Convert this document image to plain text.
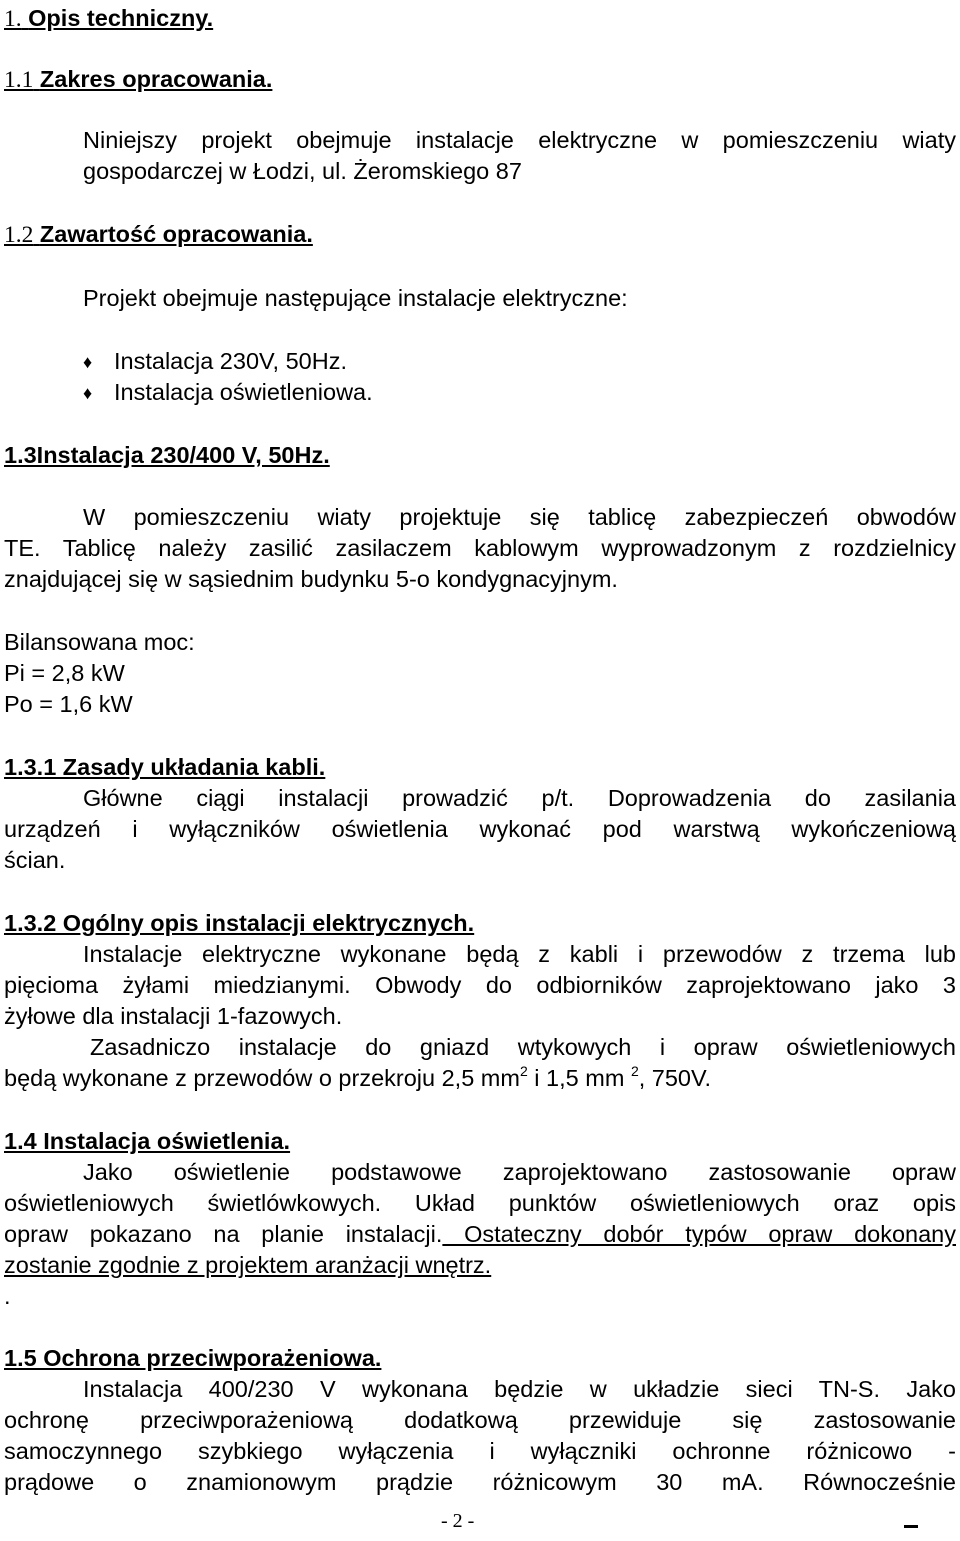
1. Opis techniczny.
1.1 Zakres opracowania.
Niniejszy projekt obejmuje instalacje elektryczne w pomieszczeniu wiaty
gospodarczej w Łodzi, ul. Żeromskiego 87
1.2 Zawartość opracowania.
Projekt obejmuje następujące instalacje elektryczne:
♦ Instalacja 230V, 50Hz.
♦ Instalacja oświetleniowa.
1.3Instalacja 230/400 V, 50Hz.
W pomieszczeniu wiaty projektuje się tablicę zabezpieczeń obwodów
TE. Tablicę należy zasilić zasilaczem kablowym wyprowadzonym z rozdzielnicy
znajdującej się w sąsiednim budynku 5-o kondygnacyjnym.
Bilansowana moc:
Pi = 2,8 kW
Po = 1,6 kW
1.3.1 Zasady układania kabli.
Główne ciągi instalacji prowadzić p/t. Doprowadzenia do zasilania
urządzeń i wyłączników oświetlenia wykonać pod warstwą wykończeniową
ścian.
1.3.2 Ogólny opis instalacji elektrycznych.
Instalacje elektryczne wykonane będą z kabli i przewodów z trzema lub
pięcioma żyłami miedzianymi. Obwody do odbiorników zaprojektowano jako 3
żyłowe dla instalacji 1-fazowych.
Zasadniczo instalacje do gniazd wtykowych i opraw oświetleniowych
będą wykonane z przewodów o przekroju 2,5 $mm^2$ i 1,5 mm $^2$, 750V.
1.4 Instalacja oświetlenia.
Jako oświetlenie podstawowe zaprojektowano zastosowanie opraw
oświetleniowych świetlówkowych. Układ punktów oświetleniowych oraz opis
opraw pokazano na planie instalacji. Ostateczny dobór typów opraw dokonany
zostanie zgodnie z projektem aranżacji wnętrz.
.
1.5 Ochrona przeciwporażeniowa.
Instalacja 400/230 V wykonana będzie w układzie sieci TN-S. Jako
ochronę przeciwporażeniową dodatkową przewiduje się zastosowanie
samoczynnego szybkiego wyłączenia i wyłączniki ochronne różnicowo -
prądowe o znamionowym prądzie różnicowym 30 mA. Równocześnie
- 2 -
